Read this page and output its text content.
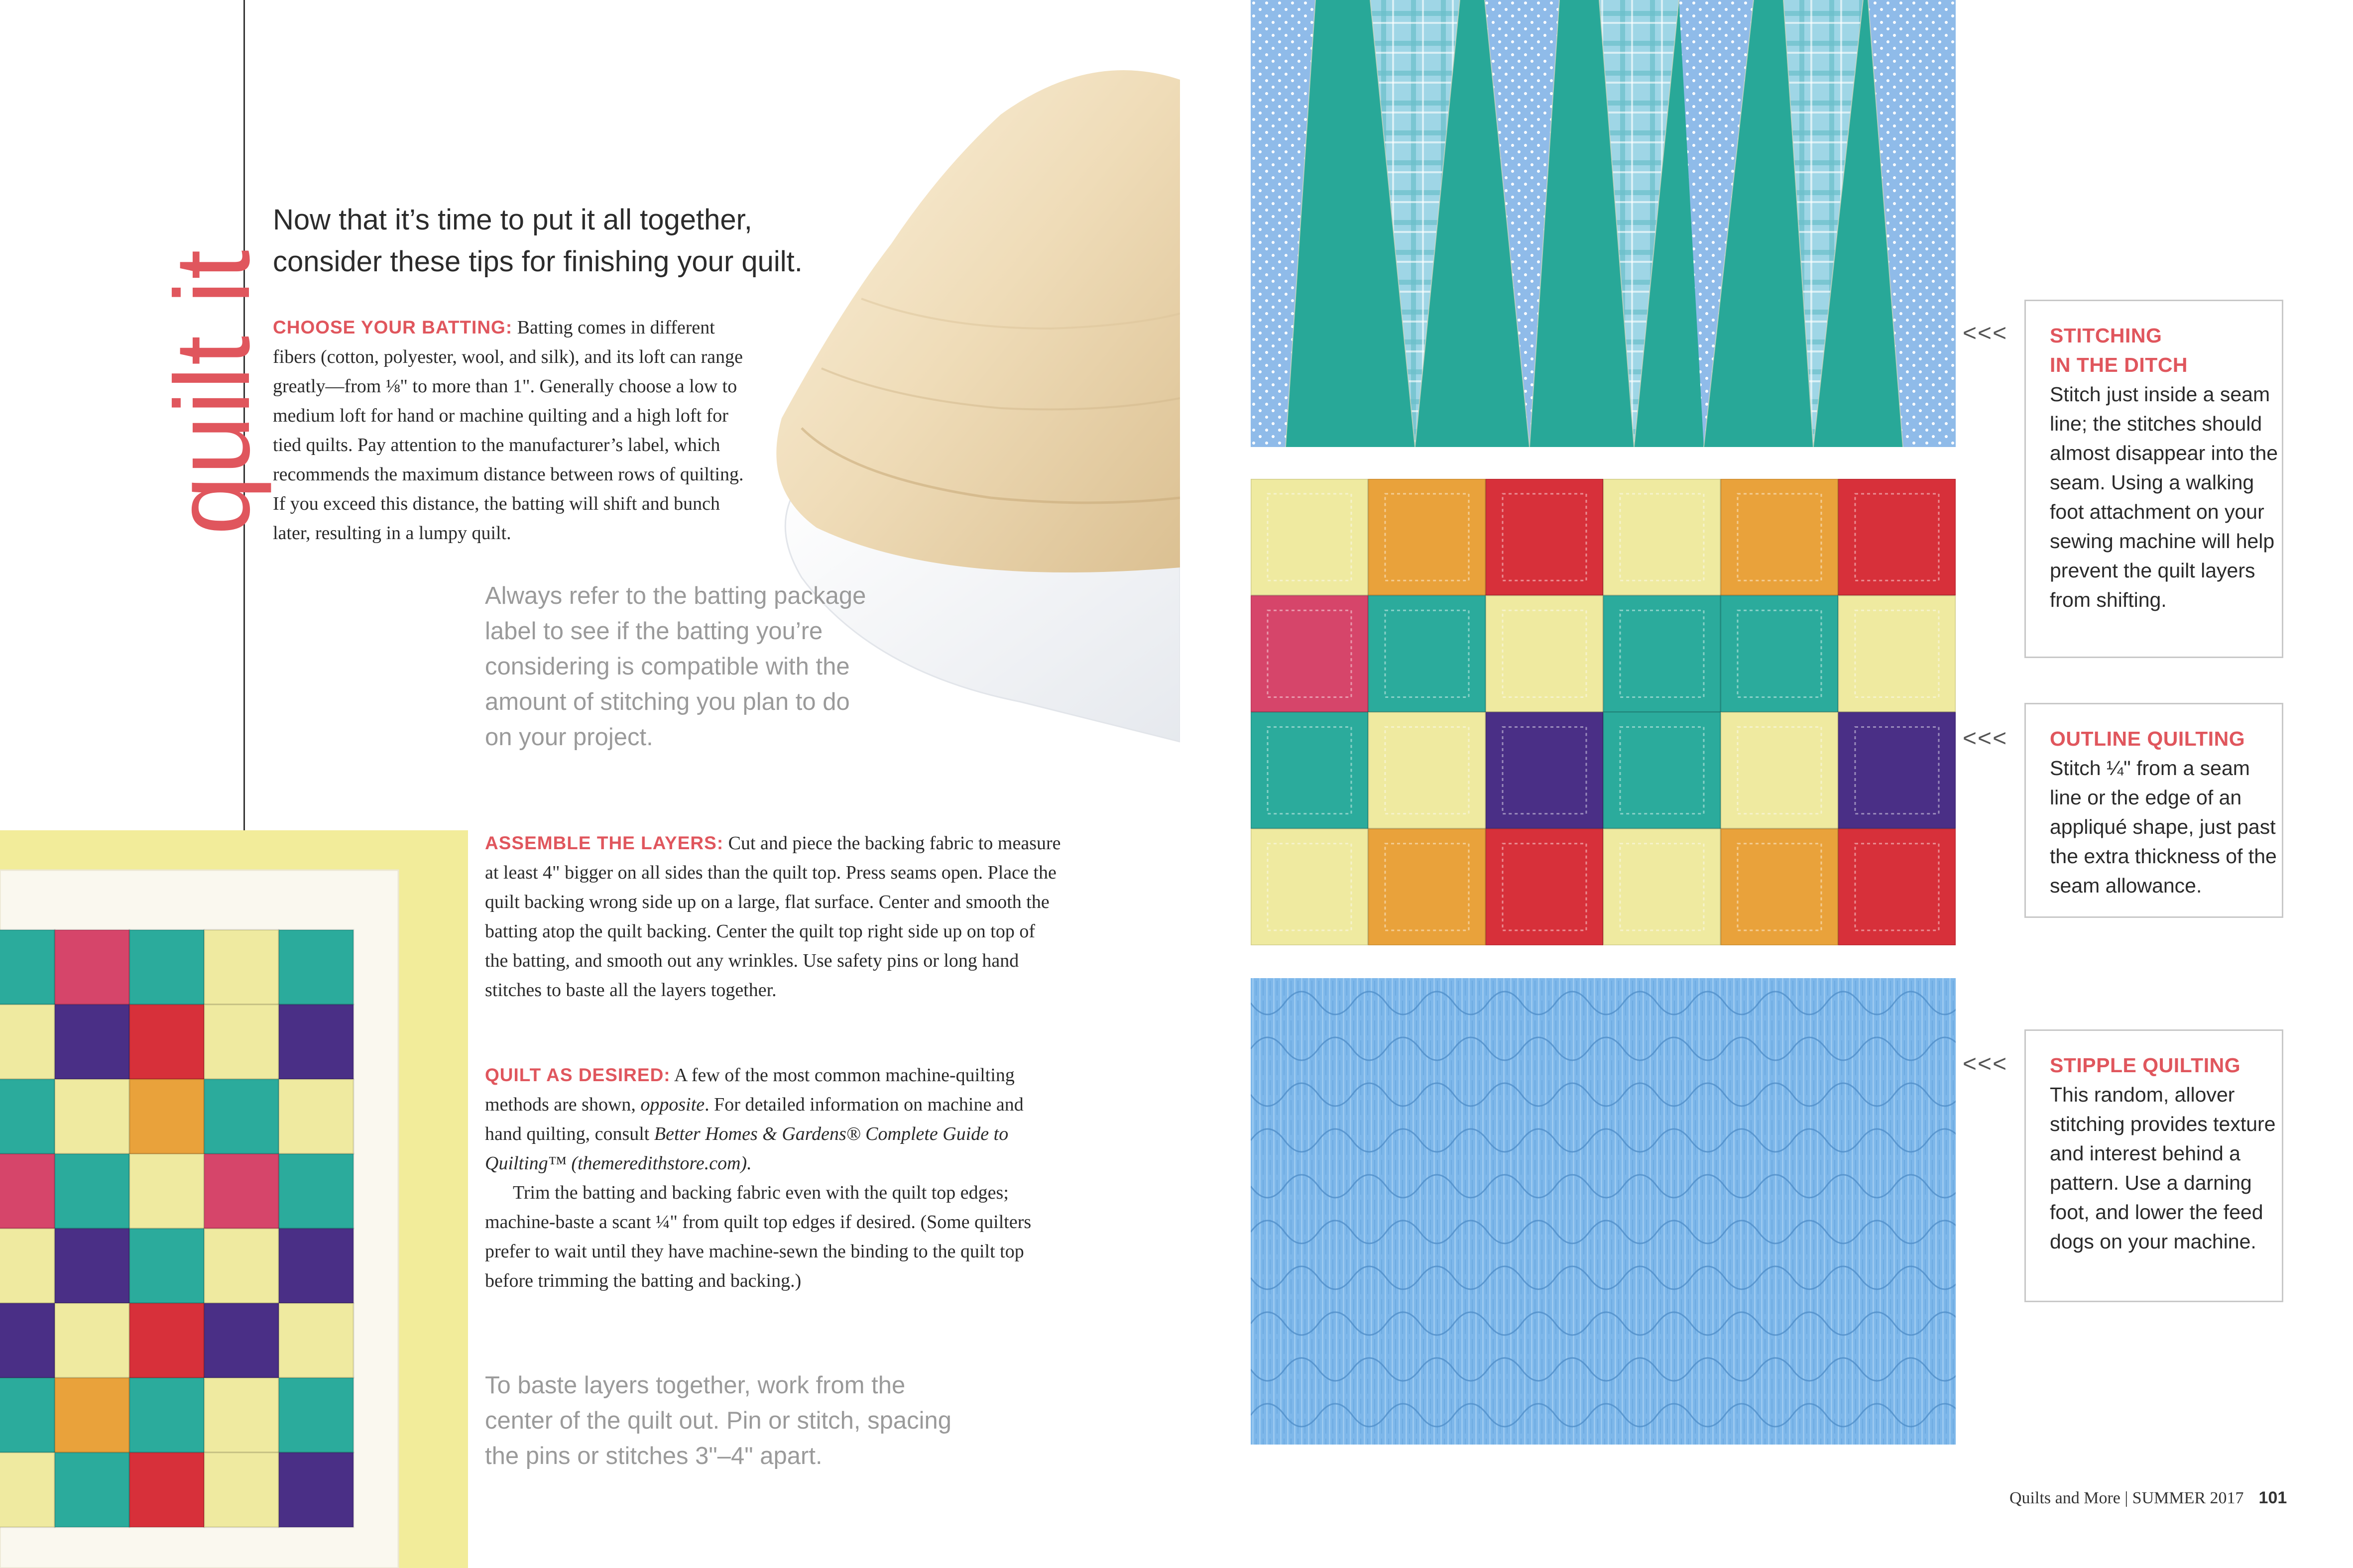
quilt it
Now that it’s time to put it all together, consider these tips for finishing your quilt.

CHOOSE YOUR BATTING: Batting comes in different fibers (cotton, polyester, wool, and silk), and its loft can range greatly—from ⅛" to more than 1". Generally choose a low to medium loft for hand or machine quilting and a high loft for tied quilts. Pay attention to the manufacturer’s label, which recommends the maximum distance between rows of quilting. If you exceed this distance, the batting will shift and bunch later, resulting in a lumpy quilt.

Always refer to the batting package label to see if the batting you’re considering is compatible with the amount of stitching you plan to do on your project.

ASSEMBLE THE LAYERS: Cut and piece the backing fabric to measure at least 4" bigger on all sides than the quilt top. Press seams open. Place the quilt backing wrong side up on a large, flat surface. Center and smooth the batting atop the quilt backing. Center the quilt top right side up on top of the batting, and smooth out any wrinkles. Use safety pins or long hand stitches to baste all the layers together.

QUILT AS DESIRED: A few of the most common machine-quilting methods are shown, opposite. For detailed information on machine and hand quilting, consult Better Homes & Gardens® Complete Guide to Quilting™ (themeredithstore.com).

Trim the batting and backing fabric even with the quilt top edges; machine-baste a scant ¼" from quilt top edges if desired. (Some quilters prefer to wait until they have machine-sewn the binding to the quilt top before trimming the batting and backing.)

To baste layers together, work from the center of the quilt out. Pin or stitch, spacing the pins or stitches 3"–4" apart.
<<< STITCHING
IN THE DITCH
Stitch just inside a seam line; the stitches should almost disappear into the seam. Using a walking foot attachment on your sewing machine will help prevent the quilt layers from shifting.
<<< OUTLINE QUILTING
Stitch ¼" from a seam line or the edge of an appliqué shape, just past the extra thickness of the seam allowance.
<<< STIPPLE QUILTING
This random, allover stitching provides texture and interest behind a pattern. Use a darning foot, and lower the feed dogs on your machine.
Quilts and More | SUMMER 2017 101
